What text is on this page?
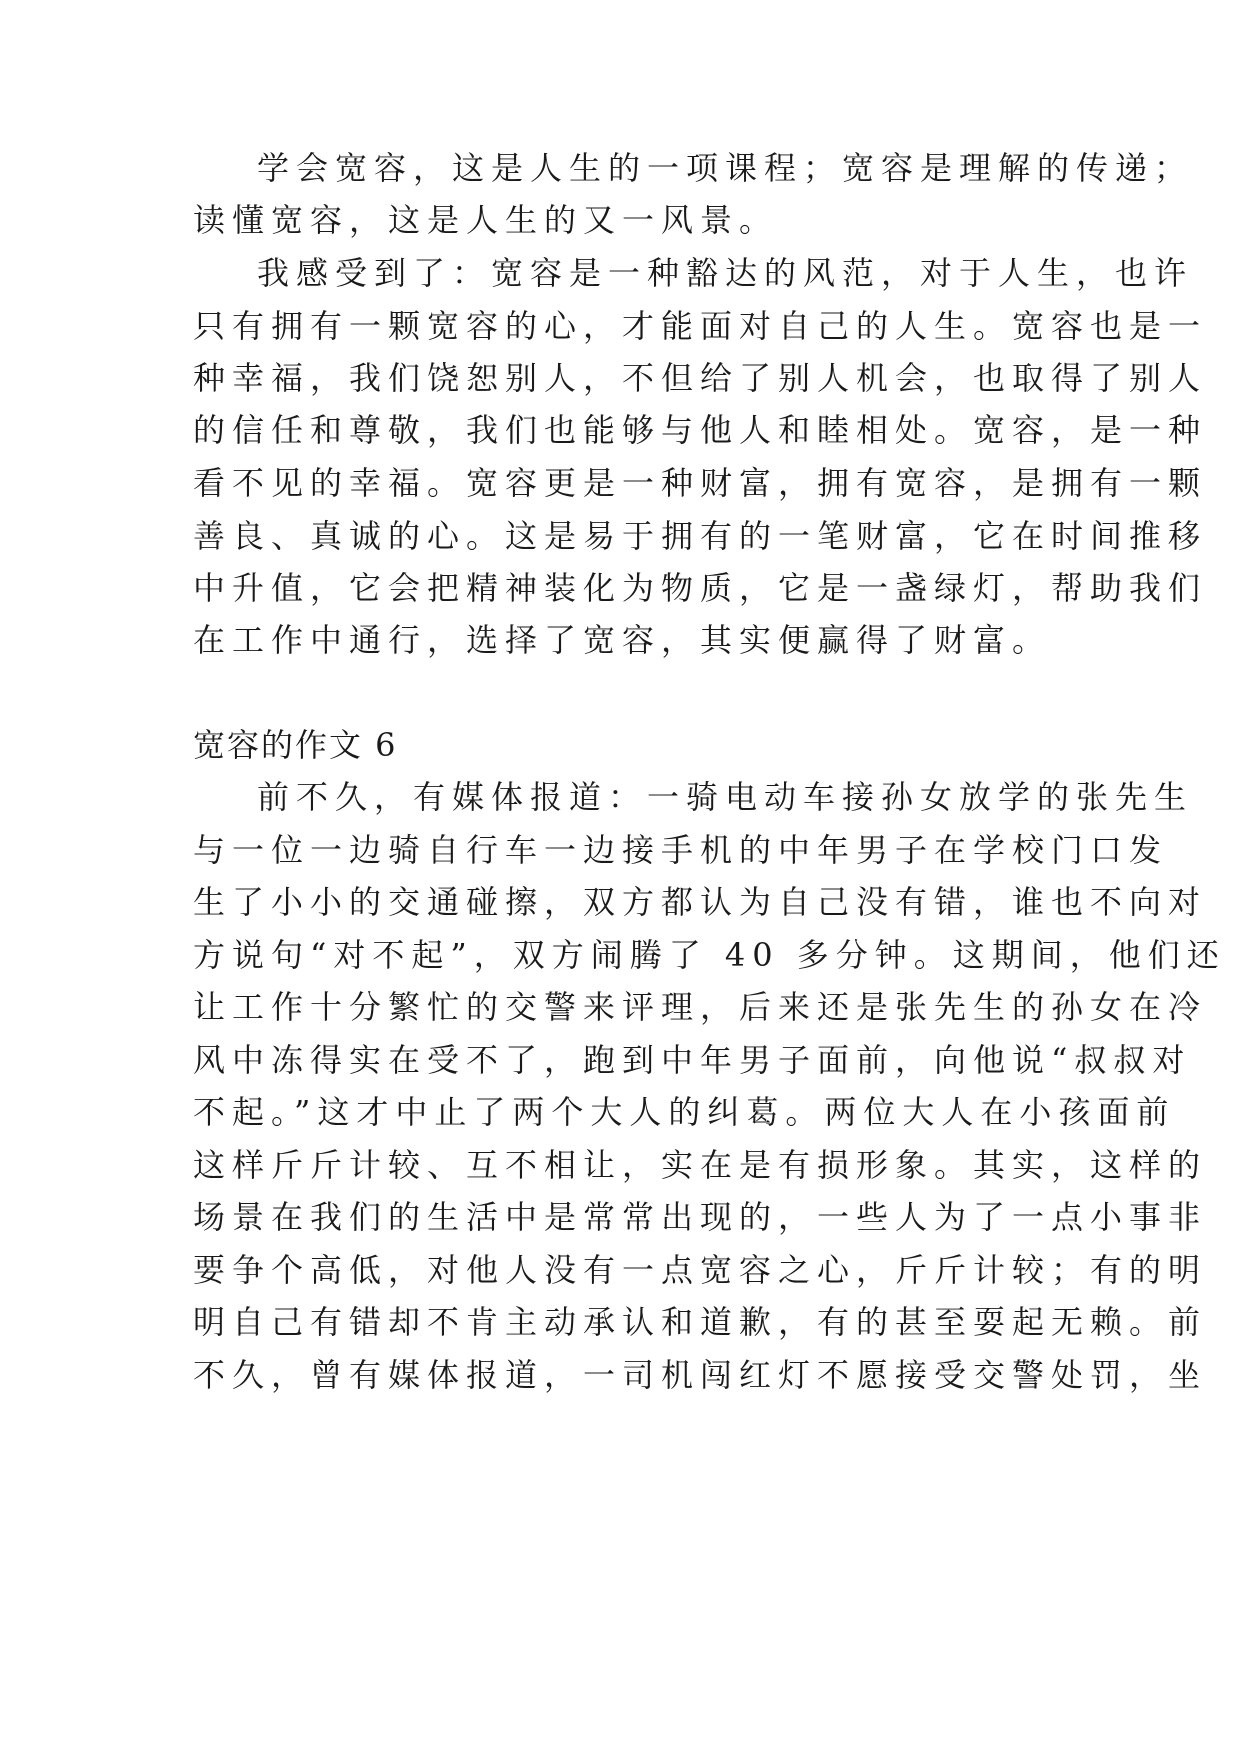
学会宽容，这是人生的一项课程；宽容是理解的传递；
读懂宽容，这是人生的又一风景。
我感受到了：宽容是一种豁达的风范，对于人生，也许
只有拥有一颗宽容的心，才能面对自己的人生。宽容也是一
种幸福，我们饶恕别人，不但给了别人机会，也取得了别人
的信任和尊敬，我们也能够与他人和睦相处。宽容，是一种
看不见的幸福。宽容更是一种财富，拥有宽容，是拥有一颗
善良、真诚的心。这是易于拥有的一笔财富，它在时间推移
中升值，它会把精神装化为物质，它是一盏绿灯，帮助我们
在工作中通行，选择了宽容，其实便赢得了财富。
宽容的作文 6
前不久，有媒体报道：一骑电动车接孙女放学的张先生
与一位一边骑自行车一边接手机的中年男子在学校门口发
生了小小的交通碰擦，双方都认为自己没有错，谁也不向对
方说句“对不起”，双方闹腾了 40 多分钟。这期间，他们还
让工作十分繁忙的交警来评理，后来还是张先生的孙女在冷
风中冻得实在受不了，跑到中年男子面前，向他说“叔叔对
不起。”这才中止了两个大人的纠葛。两位大人在小孩面前
这样斤斤计较、互不相让，实在是有损形象。其实，这样的
场景在我们的生活中是常常出现的，一些人为了一点小事非
要争个高低，对他人没有一点宽容之心，斤斤计较；有的明
明自己有错却不肯主动承认和道歉，有的甚至耍起无赖。前
不久，曾有媒体报道，一司机闯红灯不愿接受交警处罚，坐
